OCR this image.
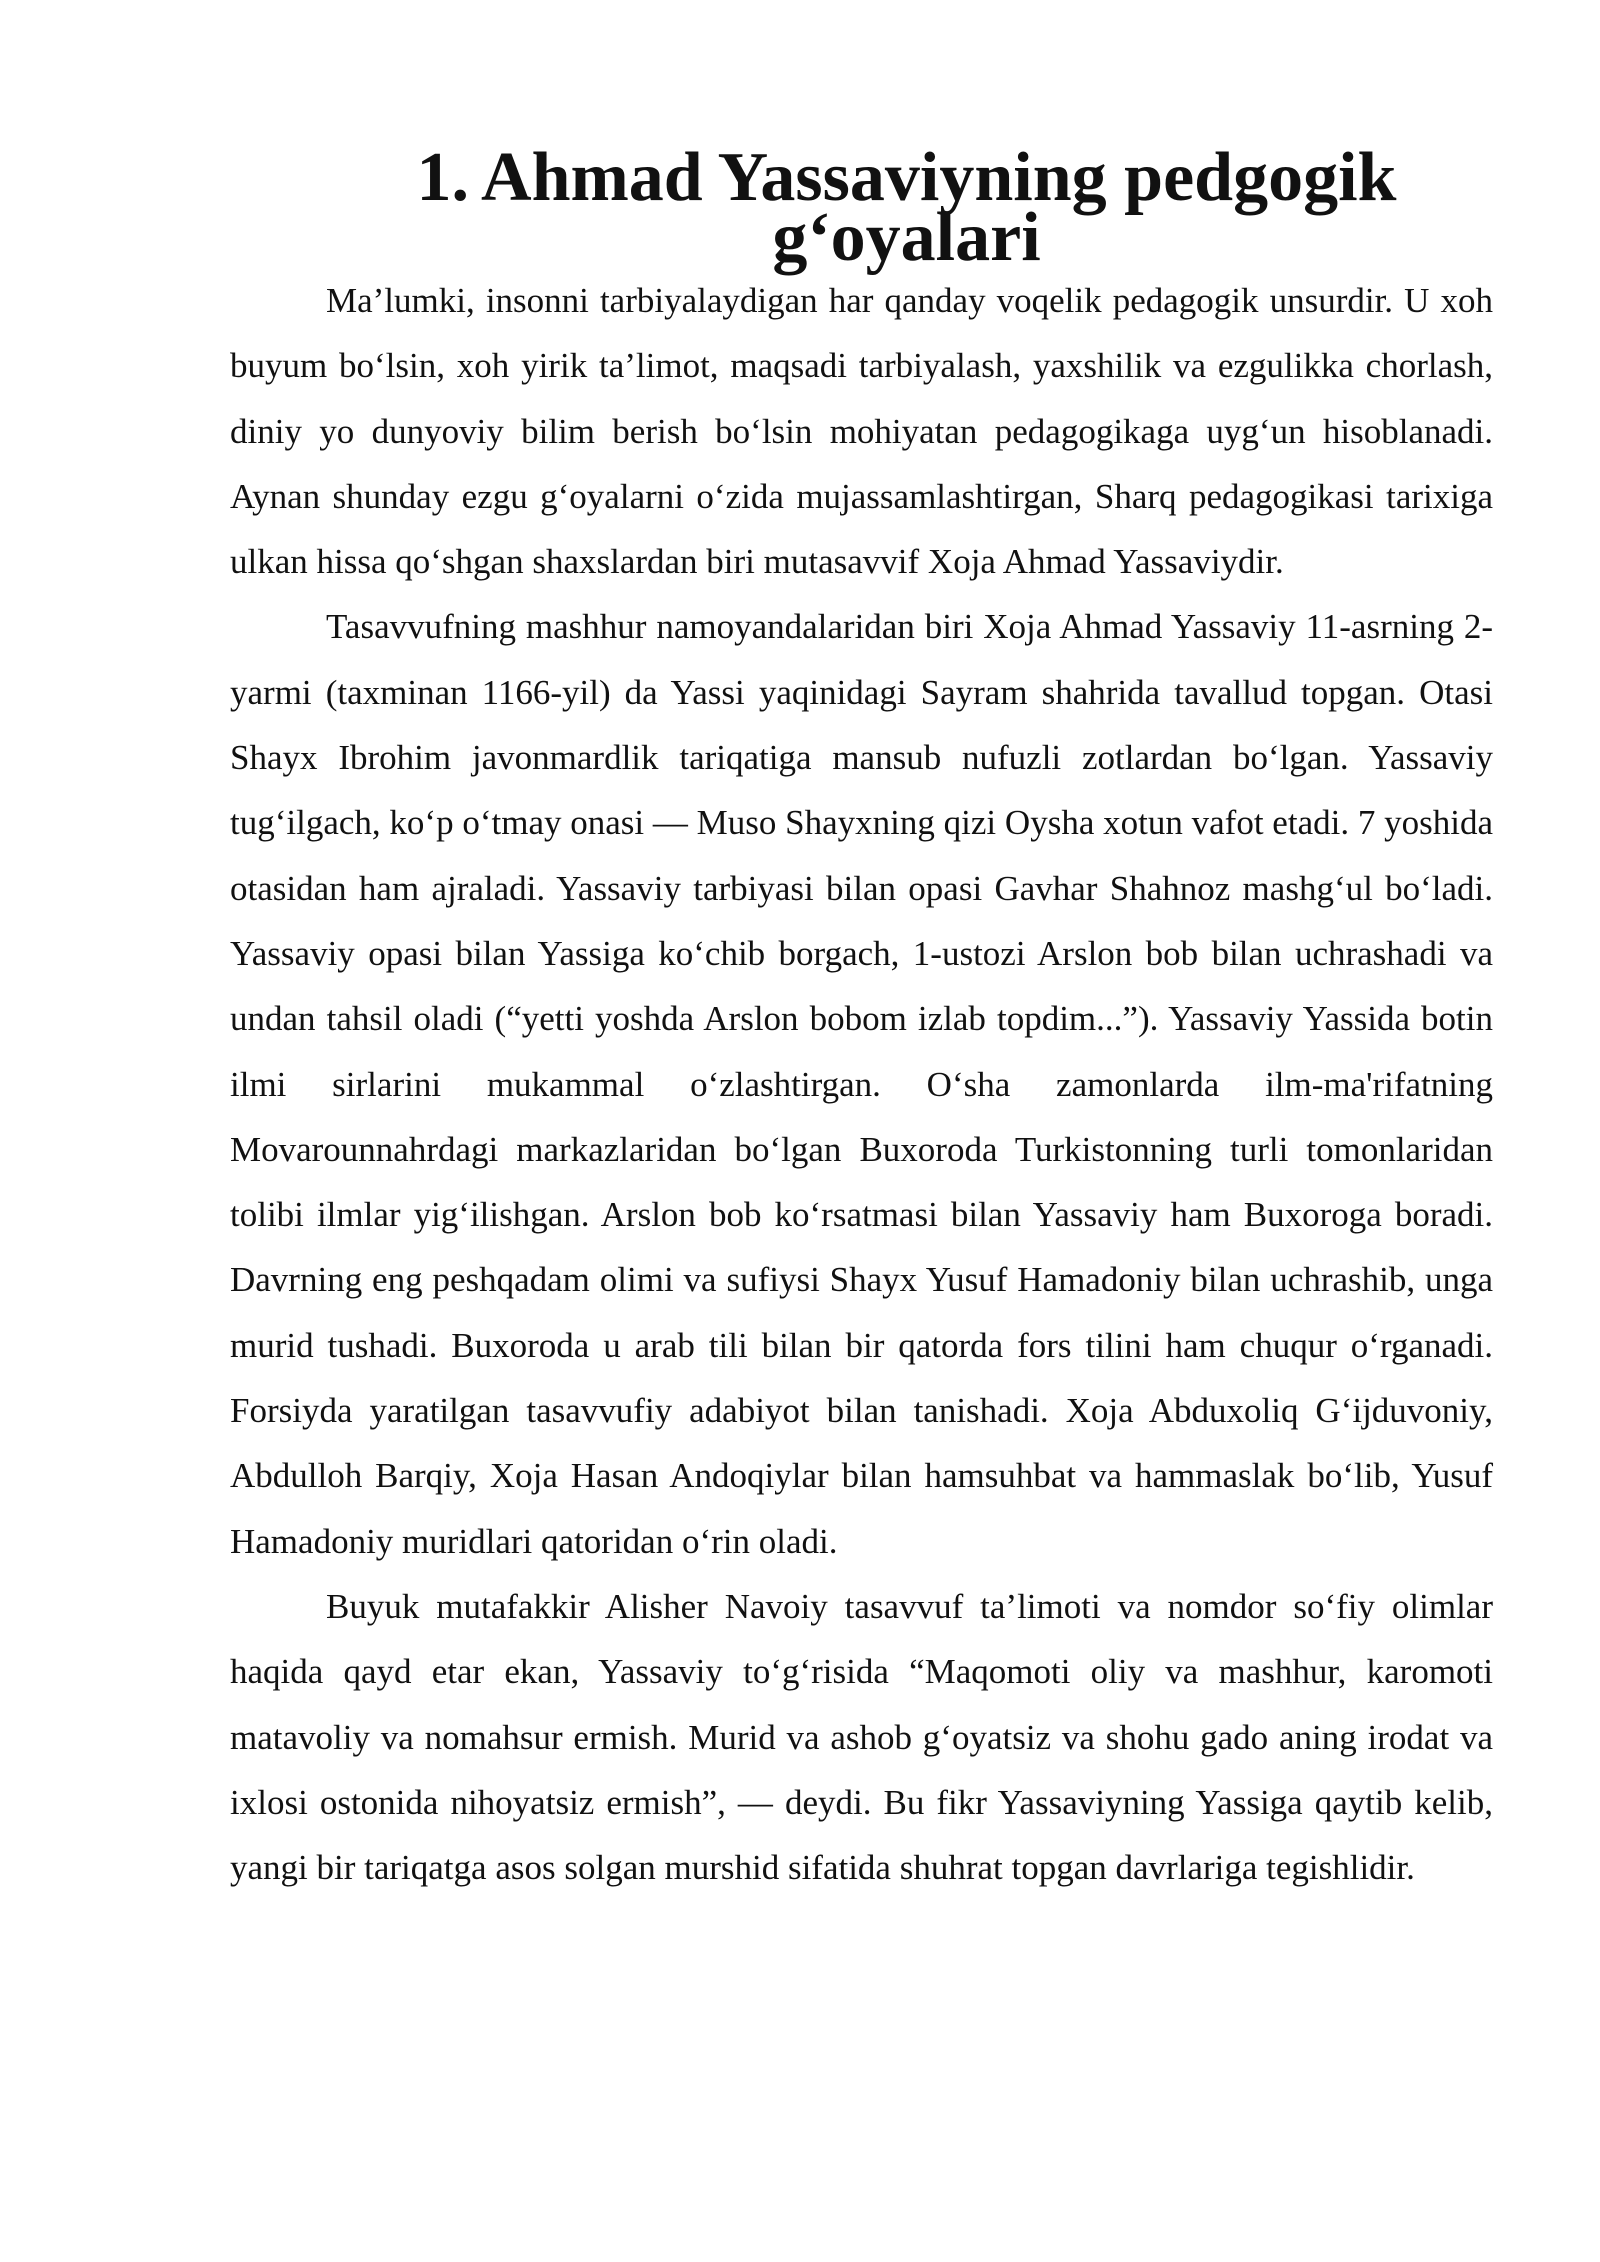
1. Ahmad Yassaviyning pedgogik g‘oyalari

Ma’lumki, insonni tarbiyalaydigan har qanday voqelik pedagogik unsurdir. U xoh buyum bo‘lsin, xoh yirik ta’limot, maqsadi tarbiyalash, yaxshilik va ezgulikka chorlash, diniy yo dunyoviy bilim berish bo‘lsin mohiyatan pedagogikaga uyg‘un hisoblanadi. Aynan shunday ezgu g‘oyalarni o‘zida mujassamlashtirgan, Sharq pedagogikasi tarixiga ulkan hissa qo‘shgan shaxslardan biri mutasavvif Xoja Ahmad Yassaviydir.

Tasavvufning mashhur namoyandalaridan biri Xoja Ahmad Yassaviy 11-asrning 2-yarmi (taxminan 1166-yil) da Yassi yaqinidagi Sayram shahrida tavallud topgan. Otasi Shayx Ibrohim javonmardlik tariqatiga mansub nufuzli zotlardan bo‘lgan. Yassaviy tug‘ilgach, ko‘p o‘tmay onasi — Muso Shayxning qizi Oysha xotun vafot etadi. 7 yoshida otasidan ham ajraladi. Yassaviy tarbiyasi bilan opasi Gavhar Shahnoz mashg‘ul bo‘ladi. Yassaviy opasi bilan Yassiga ko‘chib borgach, 1-ustozi Arslon bob bilan uchrashadi va undan tahsil oladi (“yetti yoshda Arslon bobom izlab topdim...”). Yassaviy Yassida botin ilmi sirlarini mukammal o‘zlashtirgan. O‘sha zamonlarda ilm-ma'rifatning Movarounnahrdagi markazlaridan bo‘lgan Buxoroda Turkistonning turli tomonlaridan tolibi ilmlar yig‘ilishgan. Arslon bob ko‘rsatmasi bilan Yassaviy ham Buxoroga boradi. Davrning eng peshqadam olimi va sufiysi Shayx Yusuf Hamadoniy bilan uchrashib, unga murid tushadi. Buxoroda u arab tili bilan bir qatorda fors tilini ham chuqur o‘rganadi. Forsiyda yaratilgan tasavvufiy adabiyot bilan tanishadi. Xoja Abduxoliq G‘ijduvoniy, Abdulloh Barqiy, Xoja Hasan Andoqiylar bilan hamsuhbat va hammaslak bo‘lib, Yusuf Hamadoniy muridlari qatoridan o‘rin oladi.

Buyuk mutafakkir Alisher Navoiy tasavvuf ta’limoti va nomdor so‘fiy olimlar haqida qayd etar ekan, Yassaviy to‘g‘risida “Maqomoti oliy va mashhur, karomoti matavoliy va nomahsur ermish. Murid va ashob g‘oyatsiz va shohu gado aning irodat va ixlosi ostonida nihoyatsiz ermish”, — deydi. Bu fikr Yassaviyning Yassiga qaytib kelib, yangi bir tariqatga asos solgan murshid sifatida shuhrat topgan davrlariga tegishlidir.
